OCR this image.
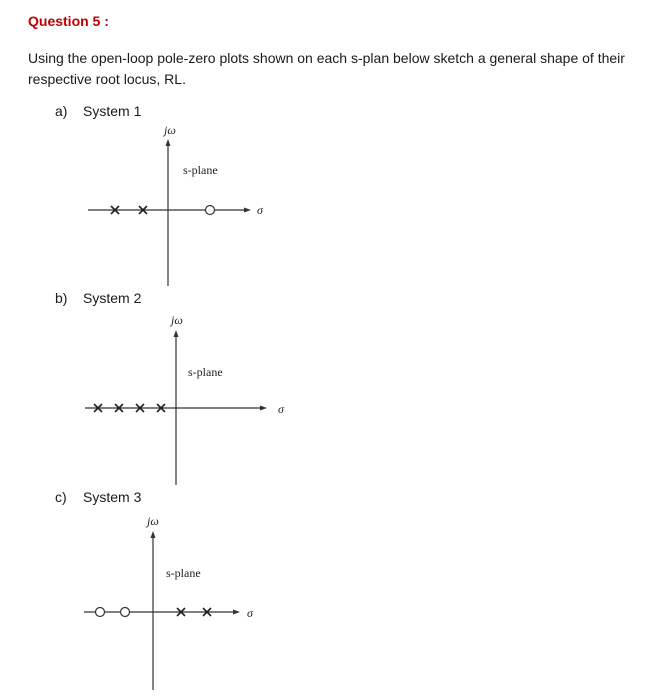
Question 5 :
Using the open-loop pole-zero plots shown on each s-plan below sketch a general shape of their respective root locus, RL.
a) System 1
jω
s-plane
σ
b) System 2
jω
s-plane
σ
c) System 3
jω
s-plane
σ
